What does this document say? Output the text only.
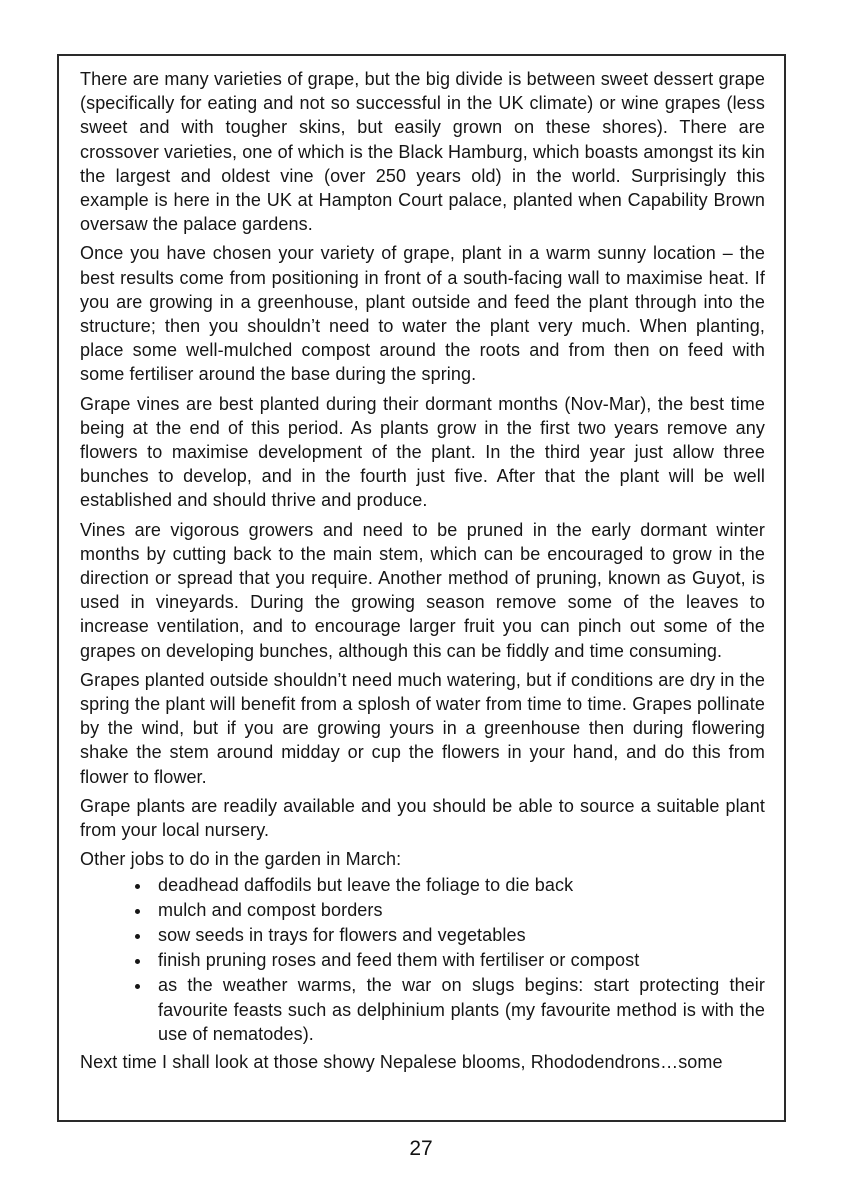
There are many varieties of grape, but the big divide is between sweet dessert grape (specifically for eating and not so successful in the UK climate) or wine grapes (less sweet and with tougher skins, but easily grown on these shores). There are crossover varieties, one of which is the Black Hamburg, which boasts amongst its kin the largest and oldest vine (over 250 years old) in the world. Surprisingly this example is here in the UK at Hampton Court palace, planted when Capability Brown oversaw the palace gardens.

Once you have chosen your variety of grape, plant in a warm sunny location – the best results come from positioning in front of a south-facing wall to maximise heat. If you are growing in a greenhouse, plant outside and feed the plant through into the structure; then you shouldn’t need to water the plant very much. When planting, place some well-mulched compost around the roots and from then on feed with some fertiliser around the base during the spring.

Grape vines are best planted during their dormant months (Nov-Mar), the best time being at the end of this period. As plants grow in the first two years remove any flowers to maximise development of the plant. In the third year just allow three bunches to develop, and in the fourth just five. After that the plant will be well established and should thrive and produce.

Vines are vigorous growers and need to be pruned in the early dormant winter months by cutting back to the main stem, which can be encouraged to grow in the direction or spread that you require. Another method of pruning, known as Guyot, is used in vineyards. During the growing season remove some of the leaves to increase ventilation, and to encourage larger fruit you can pinch out some of the grapes on developing bunches, although this can be fiddly and time consuming.

Grapes planted outside shouldn’t need much watering, but if conditions are dry in the spring the plant will benefit from a splosh of water from time to time. Grapes pollinate by the wind, but if you are growing yours in a greenhouse then during flowering shake the stem around midday or cup the flowers in your hand, and do this from flower to flower.

Grape plants are readily available and you should be able to source a suitable plant from your local nursery.

Other jobs to do in the garden in March:

• deadhead daffodils but leave the foliage to die back
• mulch and compost borders
• sow seeds in trays for flowers and vegetables
• finish pruning roses and feed them with fertiliser or compost
• as the weather warms, the war on slugs begins: start protecting their favourite feasts such as delphinium plants (my favourite method is with the use of nematodes).

Next time I shall look at those showy Nepalese blooms, Rhododendrons…some

27
